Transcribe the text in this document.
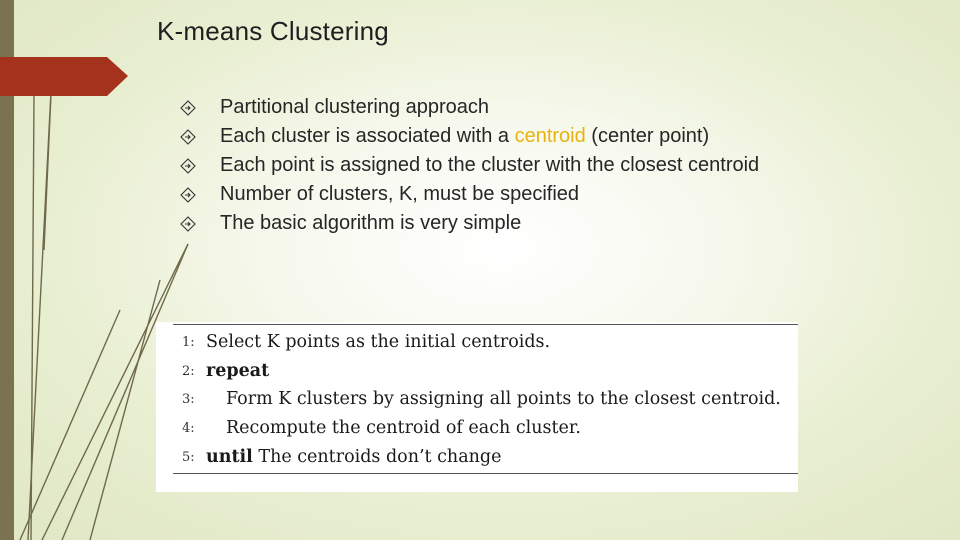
K-means Clustering
Partitional clustering approach
Each cluster is associated with a centroid (center point)
Each point is assigned to the cluster with the closest centroid
Number of clusters, K, must be specified
The basic algorithm is very simple
1: Select K points as the initial centroids.
2: repeat
3:	Form K clusters by assigning all points to the closest centroid.
4:	Recompute the centroid of each cluster.
5: until The centroids don’t change
